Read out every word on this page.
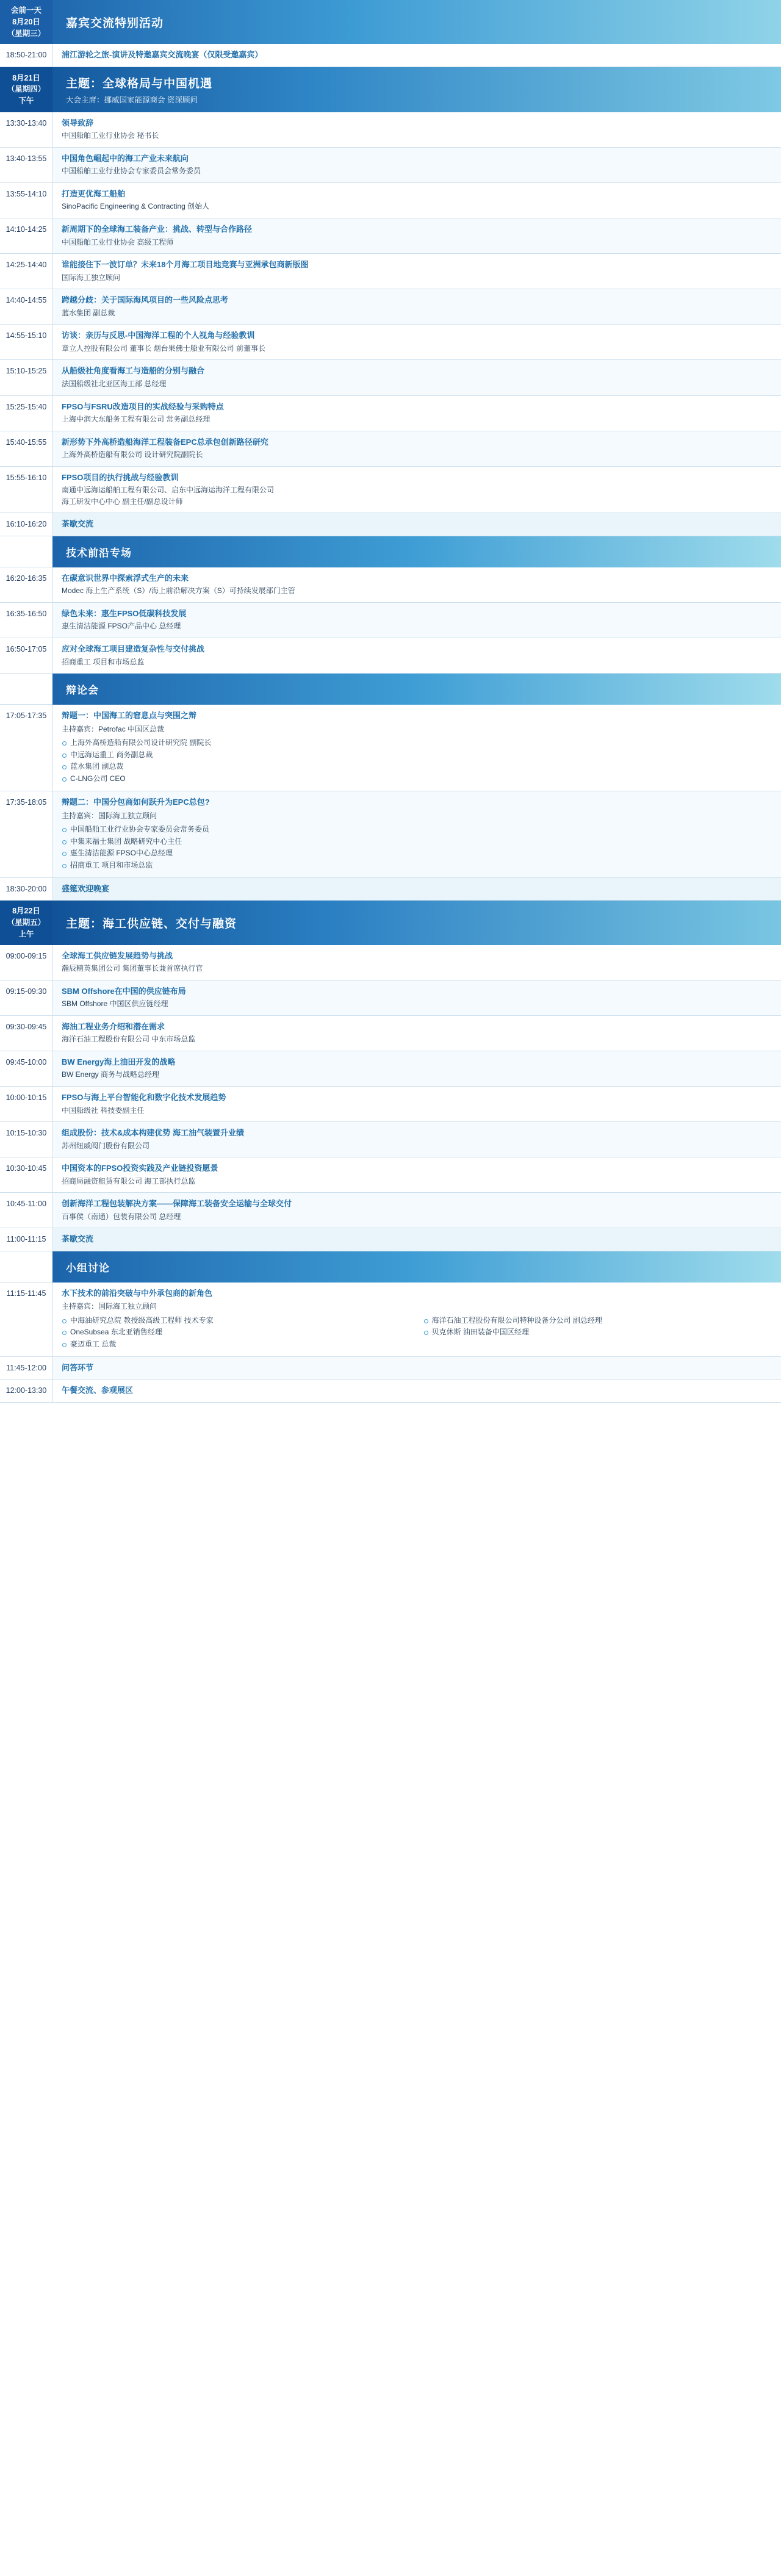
会前一天
8月20日
（星期三）
嘉宾交流特别活动
18:50-21:00	浦江游轮之旅-演讲及特邀嘉宾交流晚宴（仅限受邀嘉宾）
8月21日
（星期四）
下午
主题：全球格局与中国机遇
大会主席：挪威国家能源商会 资深顾问
13:30-13:40	领导致辞
中国船舶工业行业协会 秘书长
13:40-13:55	中国角色崛起中的海工产业未来航向
中国船舶工业行业协会专家委员会常务委员
13:55-14:10	打造更优海工船舶
SinoPacific Engineering & Contracting 创始人
14:10-14:25	新周期下的全球海工装备产业：挑战、转型与合作路径
中国船舶工业行业协会 高级工程师
14:25-14:40	谁能接住下一波订单？未来18个月海工项目地竞赛与亚洲承包商新版图
国际海工独立顾问
14:40-14:55	跨越分歧：关于国际海风项目的一些风险点思考
蓝水集团 副总裁
14:55-15:10	访谈：亲历与反思-中国海洋工程的个人视角与经验教训
章立人控股有限公司 董事长 烟台果佛士船业有限公司 前董事长
15:10-15:25	从船级社角度看海工与造船的分别与融合
法国船级社北亚区海工部 总经理
15:25-15:40	FPSO与FSRU改造项目的实战经验与采购特点
上海中润大东船务工程有限公司 常务副总经理
15:40-15:55	新形势下外高桥造船海洋工程装备EPC总承包创新路径研究
上海外高桥造船有限公司 设计研究院副院长
15:55-16:10	FPSO项目的执行挑战与经验教训
南通中远海运船舶工程有限公司、启东中远海运海洋工程有限公司
海工研发中心中心 副主任/副总设计师
16:10-16:20	茶歇交流
技术前沿专场
16:20-16:35	在碳意识世界中探索浮式生产的未来
Modec 海上生产系统（S）/海上前沿解决方案（S）可持续发展部门主管
16:35-16:50	绿色未来：惠生FPSO低碳科技发展
惠生清洁能源 FPSO产品中心 总经理
16:50-17:05	应对全球海工项目建造复杂性与交付挑战
招商重工 项目和市场总监
辩论会
17:05-17:35	辩题一：中国海工的窘息点与突围之辩
主持嘉宾：Petrofac 中国区总裁
上海外高桥造船有限公司设计研究院 副院长
中远海运重工 商务副总裁
蓝水集团 副总裁
C-LNG公司 CEO
17:35-18:05	辩题二：中国分包商如何跃升为EPC总包?
主持嘉宾：国际海工独立顾问
中国船舶工业行业协会专家委员会常务委员
中集来福士集团 战略研究中心主任
惠生清洁能源 FPSO中心总经理
招商重工 项目和市场总监
18:30-20:00	盛筵欢迎晚宴
8月22日
（星期五）
上午
主题：海工供应链、交付与融资
09:00-09:15	全球海工供应链发展趋势与挑战
瀚辰精英集团公司 集团董事长兼首席执行官
09:15-09:30	SBM Offshore在中国的供应链布局
SBM Offshore 中国区供应链经理
09:30-09:45	海油工程业务介绍和潜在需求
海洋石油工程股份有限公司 中东市场总监
09:45-10:00	BW Energy海上油田开发的战略
BW Energy 商务与战略总经理
10:00-10:15	FPSO与海上平台智能化和数字化技术发展趋势
中国船级社 科技委副主任
10:15-10:30	组成股份：技术&成本构建优势 海工油气装置升业绩
苏州纽威阀门股份有限公司
10:30-10:45	中国资本的FPSO投资实践及产业链投资愿景
招商局融资租赁有限公司 海工部执行总监
10:45-11:00	创新海洋工程包装解决方案——保障海工装备安全运输与全球交付
百事侯（南通）包装有限公司 总经理
11:00-11:15	茶歇交流
小组讨论
11:15-11:45	水下技术的前沿突破与中外承包商的新角色
主持嘉宾：国际海工独立顾问
中海油研究总院 教授级高级工程师 技术专家
OneSubsea 东北亚销售经理
豪迈重工 总裁
海洋石油工程股份有限公司特种设备分公司 副总经理
贝克休斯 油田装备中国区经理
11:45-12:00	问答环节
12:00-13:30	午餐交流、参观展区
